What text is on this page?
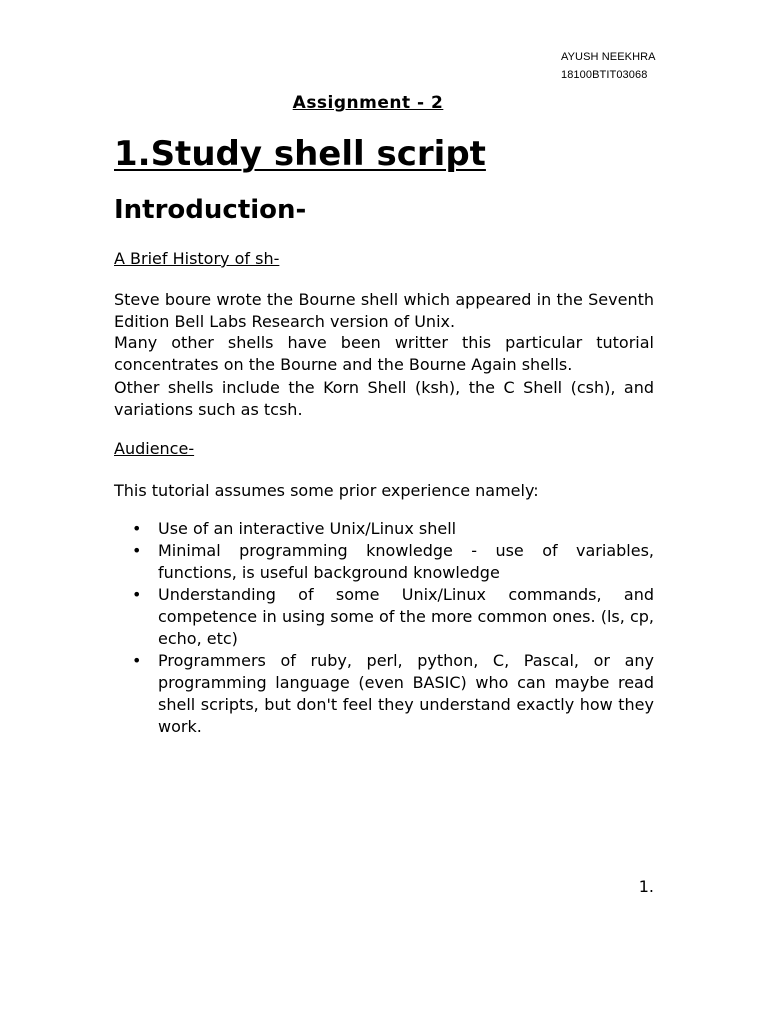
AYUSH NEEKHRA
18100BTIT03068
Assignment - 2
1.Study shell script
Introduction-
A Brief History of sh-

Steve boure wrote the Bourne shell which appeared in the Seventh Edition Bell Labs Research version of Unix.

Many other shells have been writter this particular tutorial concentrates on the Bourne and the Bourne Again shells.

Other shells include the Korn Shell (ksh), the C Shell (csh), and variations such as tcsh.

Audience-

This tutorial assumes some prior experience namely:

• Use of an interactive Unix/Linux shell
• Minimal programming knowledge - use of variables, functions, is useful background knowledge
• Understanding of some Unix/Linux commands, and competence in using some of the more common ones. (ls, cp, echo, etc)
• Programmers of ruby, perl, python, C, Pascal, or any programming language (even BASIC) who can maybe read shell scripts, but don't feel they understand exactly how they work.
1.
